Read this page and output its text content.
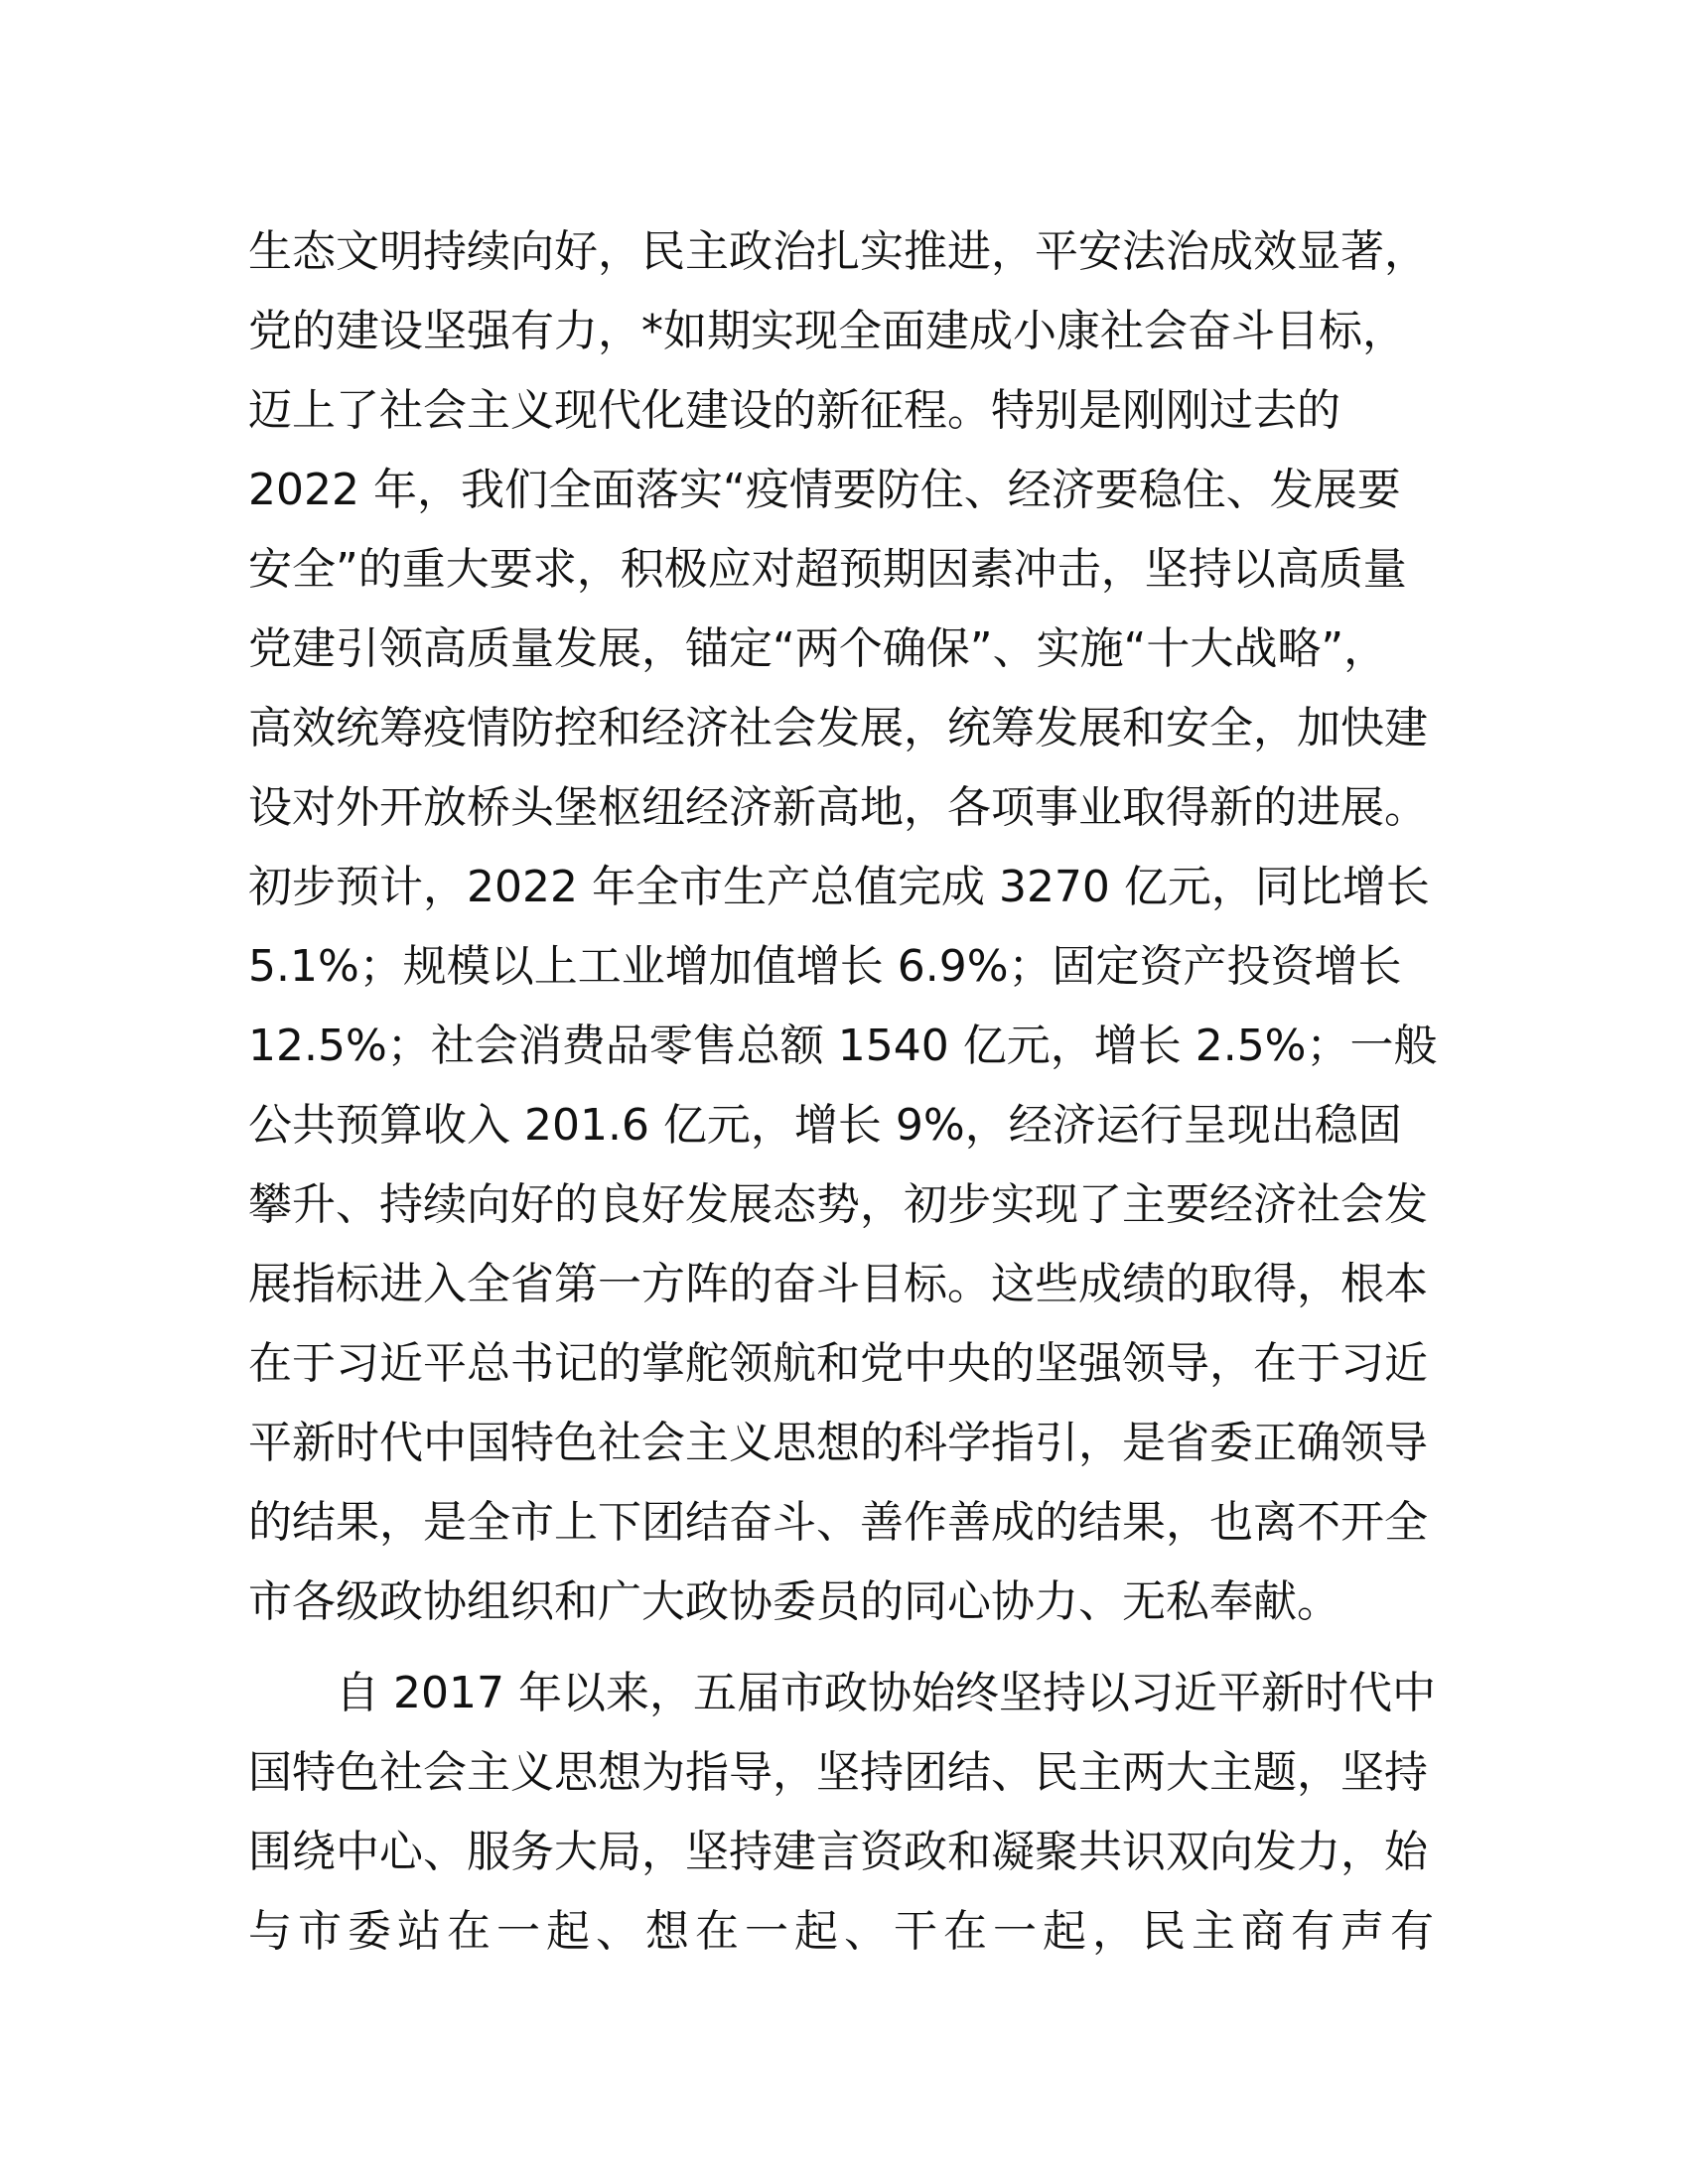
生态文明持续向好，民主政治扎实推进，平安法治成效显著，
党的建设坚强有力，*如期实现全面建成小康社会奋斗目标，
迈上了社会主义现代化建设的新征程。特别是刚刚过去的
2022 年，我们全面落实“疫情要防住、经济要稳住、发展要
安全”的重大要求，积极应对超预期因素冲击，坚持以高质量
党建引领高质量发展，锚定“两个确保”、实施“十大战略”，
高效统筹疫情防控和经济社会发展，统筹发展和安全，加快建
设对外开放桥头堡枢纽经济新高地，各项事业取得新的进展。
初步预计，2022 年全市生产总值完成 3270 亿元，同比增长
5.1%；规模以上工业增加值增长 6.9%；固定资产投资增长
12.5%；社会消费品零售总额 1540 亿元，增长 2.5%；一般
公共预算收入 201.6 亿元，增长 9%，经济运行呈现出稳固
攀升、持续向好的良好发展态势，初步实现了主要经济社会发
展指标进入全省第一方阵的奋斗目标。这些成绩的取得，根本
在于习近平总书记的掌舵领航和党中央的坚强领导，在于习近
平新时代中国特色社会主义思想的科学指引，是省委正确领导
的结果，是全市上下团结奋斗、善作善成的结果，也离不开全
市各级政协组织和广大政协委员的同心协力、无私奉献。
自 2017 年以来，五届市政协始终坚持以习近平新时代中
国特色社会主义思想为指导，坚持团结、民主两大主题，坚持
围绕中心、服务大局，坚持建言资政和凝聚共识双向发力，始
与市委站在一起、想在一起、干在一起，民主商有声有
